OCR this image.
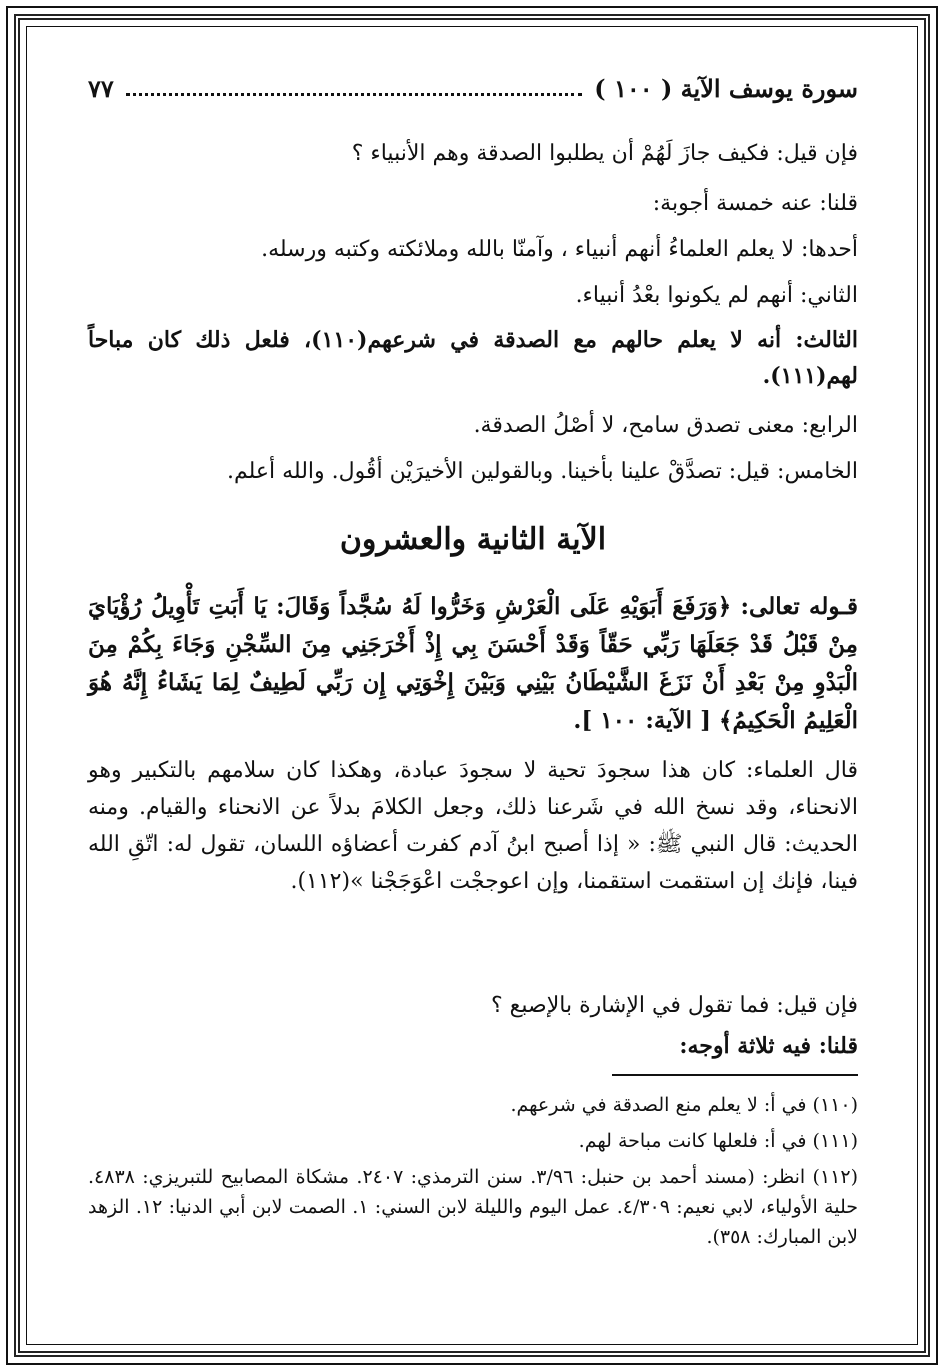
سورة يوسف الآية ( ١٠٠ )
٧٧
فإن قيل: فكيف جازَ لَهُمْ أن يطلبوا الصدقة وهم الأنبياء ؟
قلنا: عنه خمسة أجوبة:
أحدها: لا يعلم العلماءُ أنهم أنبياء ، وآمنّا بالله وملائكته وكتبه ورسله.
الثاني: أنهم لم يكونوا بعْدُ أنبياء.
الثالث: أنه لا يعلم حالهم مع الصدقة في شرعهم(١١٠)، فلعل ذلك كان مباحاً لهم(١١١).
الرابع: معنى تصدق سامح، لا أصْلُ الصدقة.
الخامس: قيل: تصدَّقْ علينا بأخينا. وبالقولين الأخيرَيْن أقُول. والله أعلم.
الآية الثانية والعشرون
قـوله تعالى: ﴿وَرَفَعَ أَبَوَيْهِ عَلَى الْعَرْشِ وَخَرُّوا لَهُ سُجَّداً وَقَالَ: يَا أَبَتِ تَأْوِيلُ رُؤْيَايَ مِنْ قَبْلُ قَدْ جَعَلَهَا رَبِّي حَقّاً وَقَدْ أَحْسَنَ بِي إِذْ أَخْرَجَنِي مِنَ السِّجْنِ وَجَاءَ بِكُمْ مِنَ الْبَدْوِ مِنْ بَعْدِ أَنْ نَزَغَ الشَّيْطَانُ بَيْنِي وَبَيْنَ إِخْوَتِي إِن رَبِّي لَطِيفٌ لِمَا يَشَاءُ إِنَّهُ هُوَ الْعَلِيمُ الْحَكِيمُ﴾ [ الآية: ١٠٠ ].
قال العلماء: كان هذا سجودَ تحية لا سجودَ عبادة، وهكذا كان سلامهم بالتكبير وهو الانحناء، وقد نسخ الله في شَرعنا ذلك، وجعل الكلامَ بدلاً عن الانحناء والقيام. ومنه الحديث: قال النبي ﷺ: « إذا أصبح ابنُ آدم كفرت أعضاؤه اللسان، تقول له: اتّقِ الله فينا، فإنك إن استقمت استقمنا، وإن اعوججْت اعْوَجَجْنا »(١١٢).
فإن قيل: فما تقول في الإشارة بالإصبع ؟
قلنا: فيه ثلاثة أوجه:
(١١٠) في أ: لا يعلم منع الصدقة في شرعهم.
(١١١) في أ: فلعلها كانت مباحة لهم.
(١١٢) انظر: (مسند أحمد بن حنبل: ٣/٩٦. سنن الترمذي: ٢٤٠٧. مشكاة المصابيح للتبريزي: ٤٨٣٨. حلية الأولياء، لابي نعيم: ٤/٣٠٩. عمل اليوم والليلة لابن السني: ١. الصمت لابن أبي الدنيا: ١٢. الزهد لابن المبارك: ٣٥٨).
